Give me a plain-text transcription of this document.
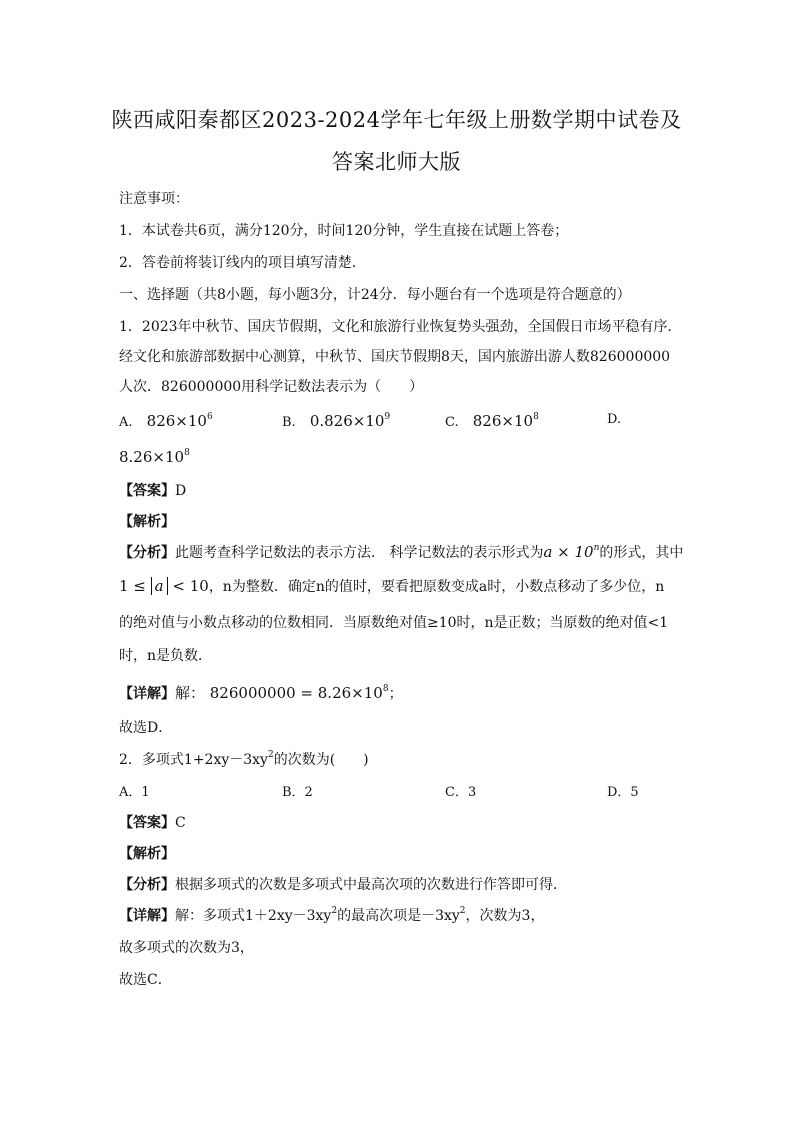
陕西咸阳秦都区2023-2024学年七年级上册数学期中试卷及
答案北师大版
注意事项：
1．本试卷共6页，满分120分，时间120分钟，学生直接在试题上答卷；
2．答卷前将装订线内的项目填写清楚．
一、选择题（共8小题，每小题3分，计24分．每小题台有一个选项是符合题意的）
1．2023年中秋节、国庆节假期，文化和旅游行业恢复势头强劲，全国假日市场平稳有序．
经文化和旅游部数据中心测算，中秋节、国庆节假期8天，国内旅游出游人数826000000
人次．826000000用科学记数法表示为（　　）
A. $826\times 10^6$	B. $0.826\times 10^9$	C. $826\times 10^8$	D.
$8.26\times 10^8$
【答案】D
【解析】
【分析】此题考查科学记数法的表示方法． 科学记数法的表示形式为$a \times 10^n$的形式，其中
1 ≤ a < 10，n为整数．确定n的值时，要看把原数变成a时，小数点移动了多少位，n
的绝对值与小数点移动的位数相同．当原数绝对值≥10时，n是正数；当原数的绝对值<1
时，n是负数．
【详解】解： $826000000 = 8.26\times 10^8$；
故选D．
2．多项式$1+2xy-3xy^2$的次数为(　　)
A．1	B．2	C．3	D．5
【答案】C
【解析】
【分析】根据多项式的次数是多项式中最高次项的次数进行作答即可得．
【详解】解：多项式$1+2xy-3xy^2$的最高次项是$-3xy^2$，次数为3，
故多项式的次数为3，
故选C．
